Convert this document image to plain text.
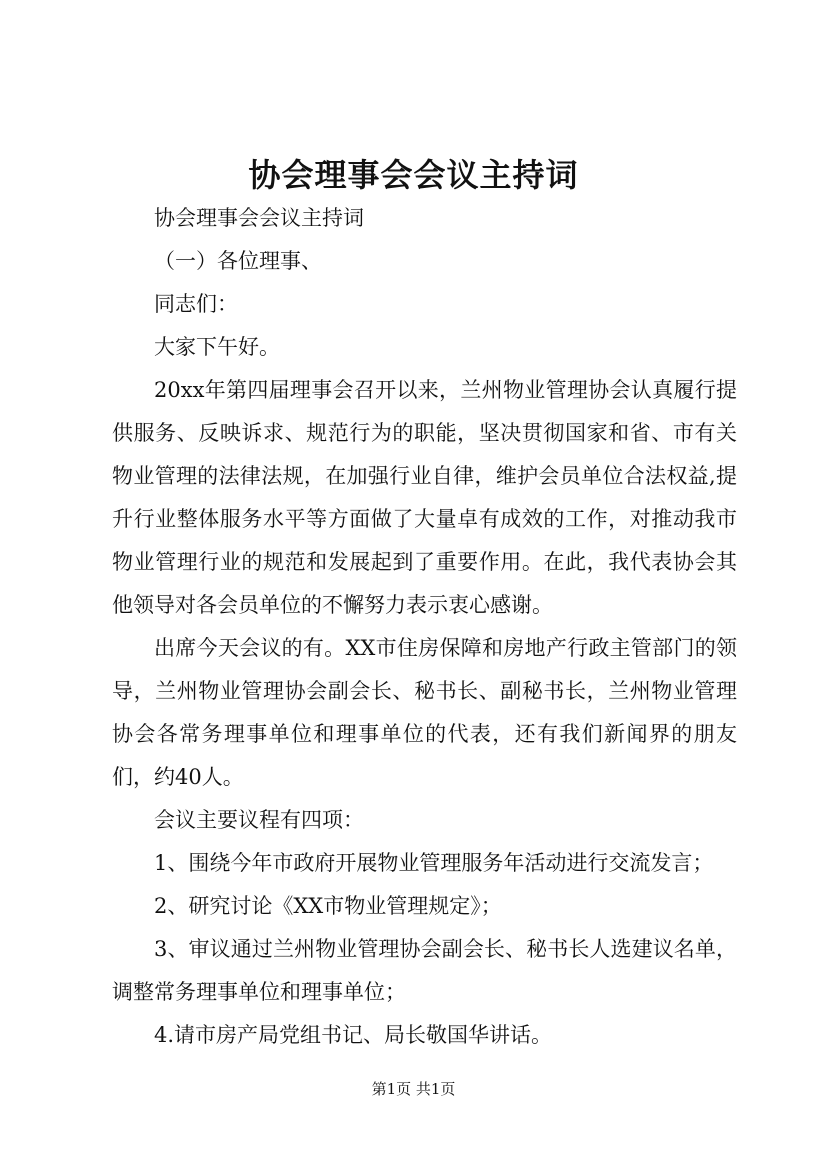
协会理事会会议主持词

协会理事会会议主持词

（一）各位理事、

同志们：

大家下午好。

20xx年第四届理事会召开以来，兰州物业管理协会认真履行提供服务、反映诉求、规范行为的职能，坚决贯彻国家和省、市有关物业管理的法律法规，在加强行业自律，维护会员单位合法权益,提升行业整体服务水平等方面做了大量卓有成效的工作，对推动我市物业管理行业的规范和发展起到了重要作用。在此，我代表协会其他领导对各会员单位的不懈努力表示衷心感谢。

出席今天会议的有。XX市住房保障和房地产行政主管部门的领导，兰州物业管理协会副会长、秘书长、副秘书长，兰州物业管理协会各常务理事单位和理事单位的代表，还有我们新闻界的朋友们，约40人。

会议主要议程有四项：

1、围绕今年市政府开展物业管理服务年活动进行交流发言；

2、研究讨论《XX市物业管理规定》；

3、审议通过兰州物业管理协会副会长、秘书长人选建议名单，调整常务理事单位和理事单位；

4.请市房产局党组书记、局长敬国华讲话。

第1页 共1页
